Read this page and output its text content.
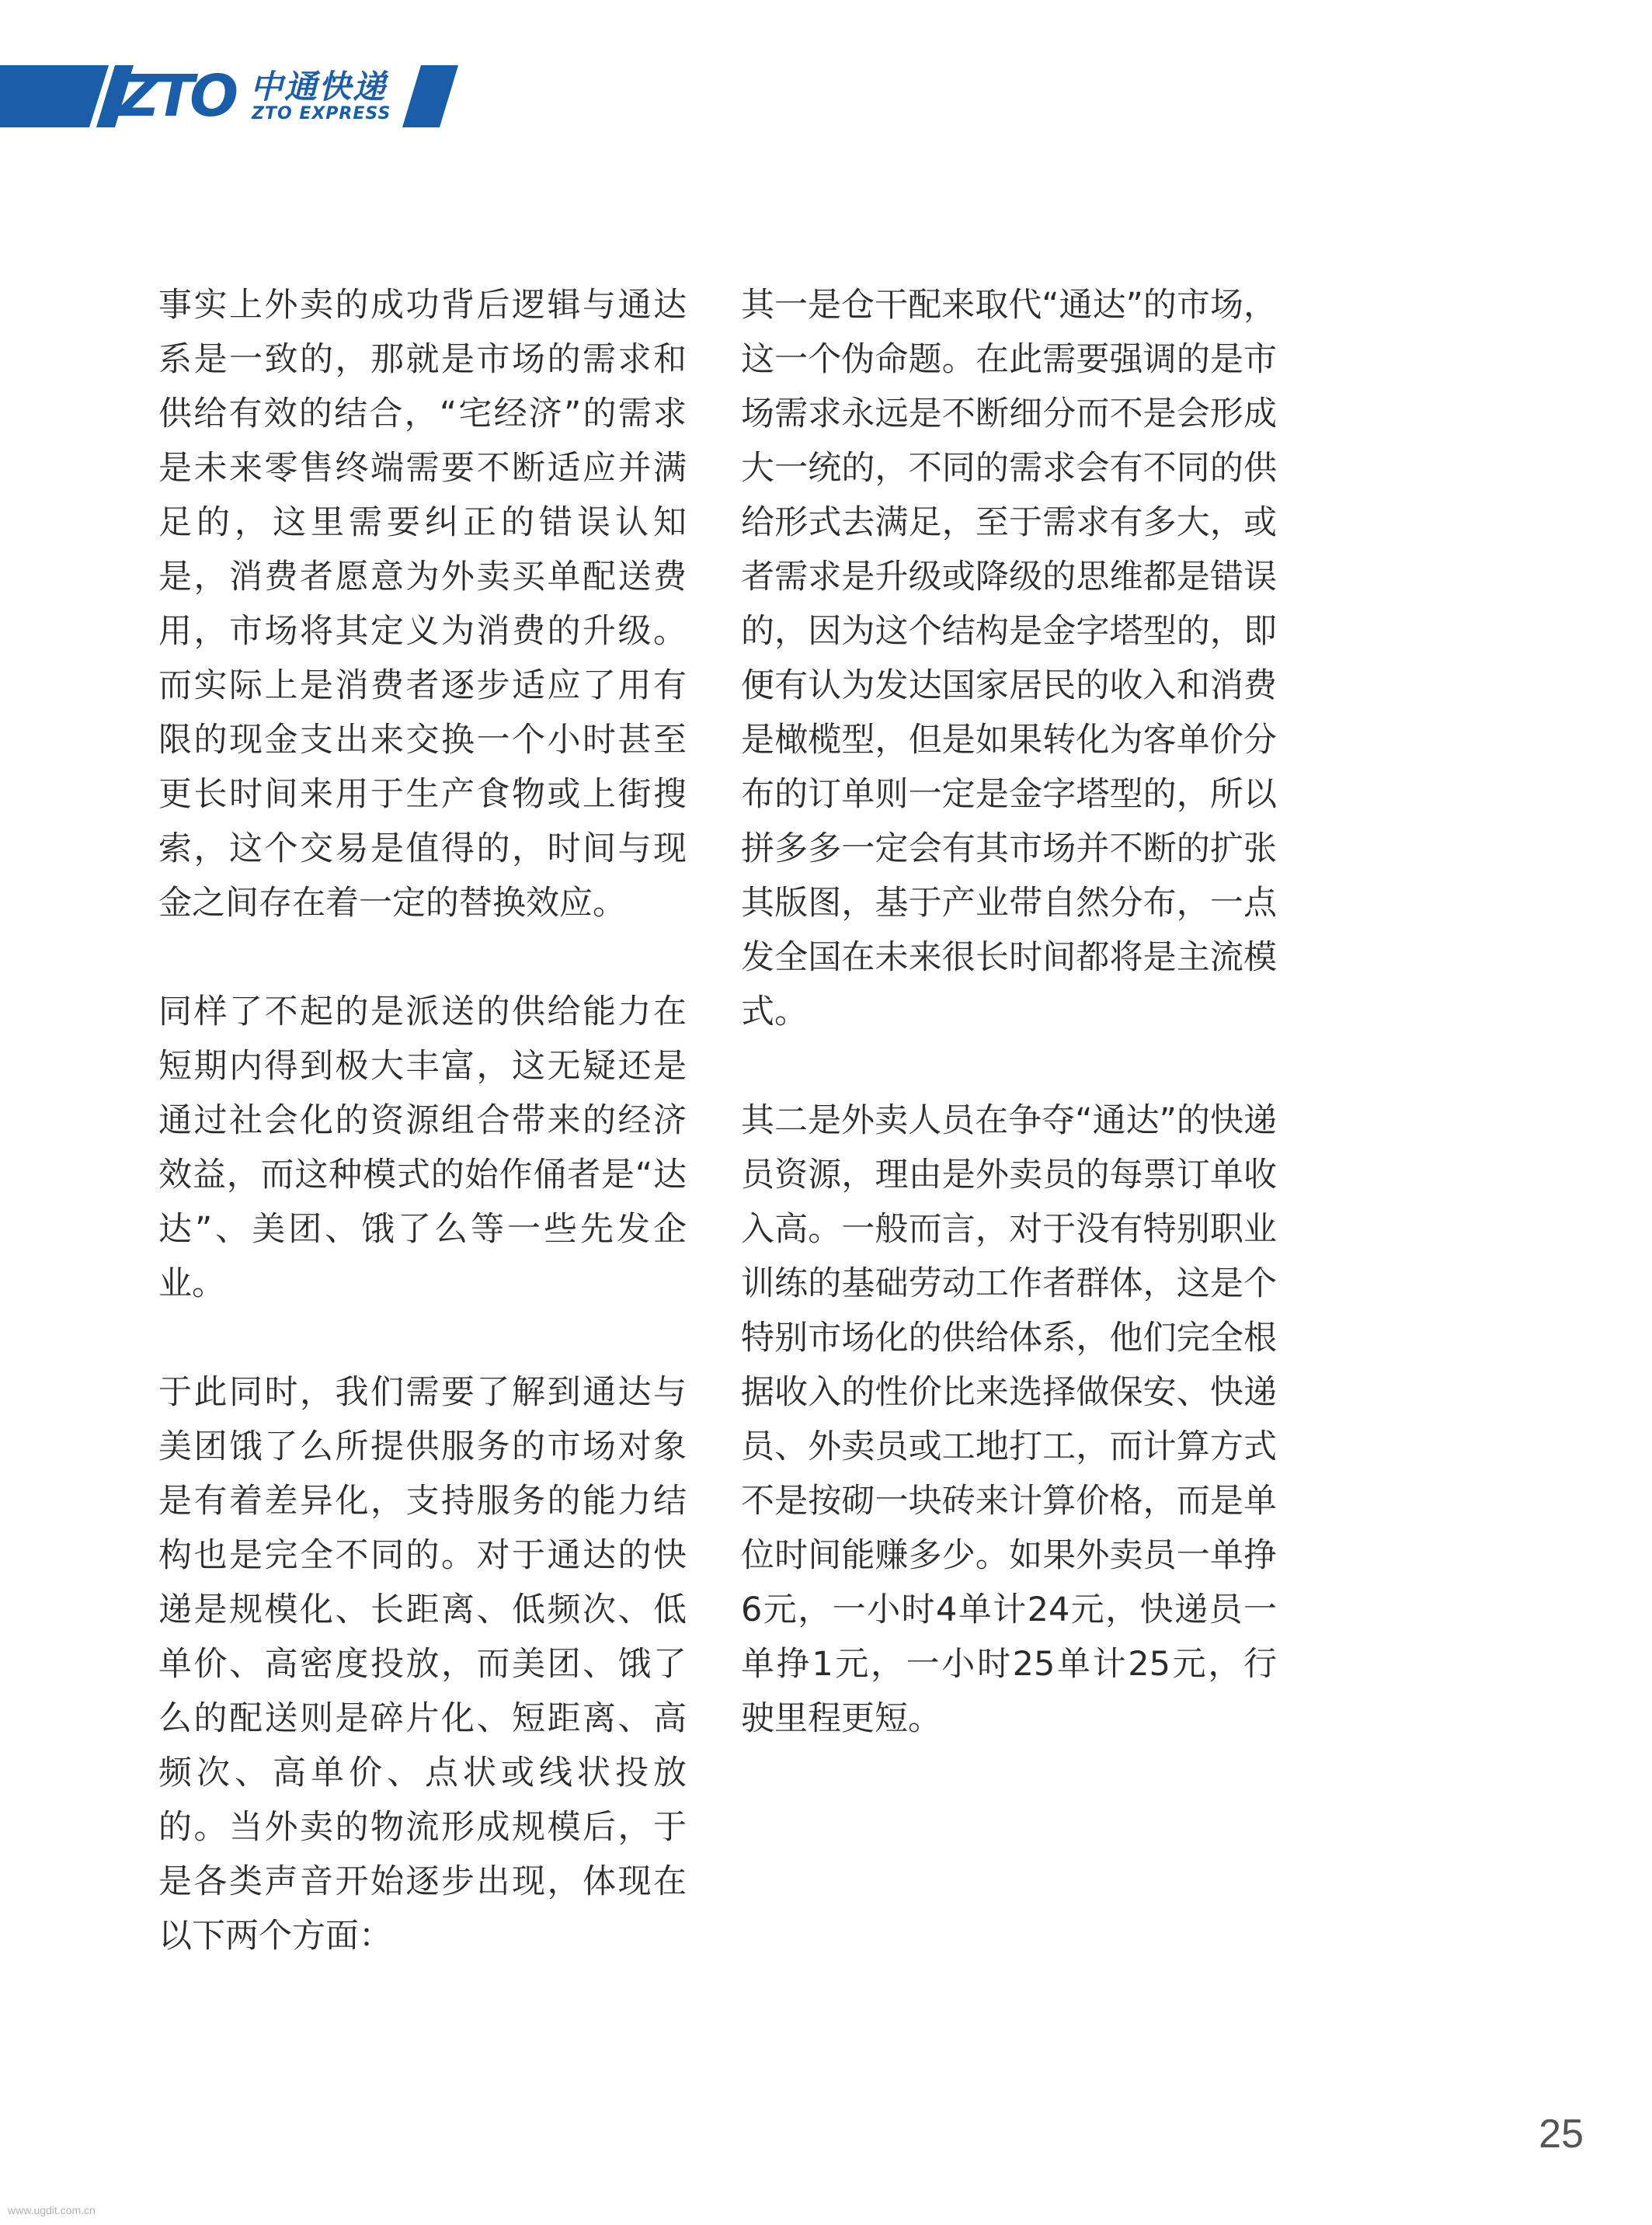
ZTO 中通快递
ZTO EXPRESS

事实上外卖的成功背后逻辑与通达系是一致的，那就是市场的需求和供给有效的结合，“宅经济”的需求是未来零售终端需要不断适应并满足的，这里需要纠正的错误认知是，消费者愿意为外卖买单配送费用，市场将其定义为消费的升级。而实际上是消费者逐步适应了用有限的现金支出来交换一个小时甚至更长时间来用于生产食物或上街搜索，这个交易是值得的，时间与现金之间存在着一定的替换效应。

同样了不起的是派送的供给能力在短期内得到极大丰富，这无疑还是通过社会化的资源组合带来的经济效益，而这种模式的始作俑者是“达达”、美团、饿了么等一些先发企业。

于此同时，我们需要了解到通达与美团饿了么所提供服务的市场对象是有着差异化，支持服务的能力结构也是完全不同的。对于通达的快递是规模化、长距离、低频次、低单价、高密度投放，而美团、饿了么的配送则是碎片化、短距离、高频次、高单价、点状或线状投放的。当外卖的物流形成规模后，于是各类声音开始逐步出现，体现在以下两个方面：

其一是仓干配来取代“通达”的市场，这一个伪命题。在此需要强调的是市场需求永远是不断细分而不是会形成大一统的，不同的需求会有不同的供给形式去满足，至于需求有多大，或者需求是升级或降级的思维都是错误的，因为这个结构是金字塔型的，即便有认为发达国家居民的收入和消费是橄榄型，但是如果转化为客单价分布的订单则一定是金字塔型的，所以拼多多一定会有其市场并不断的扩张其版图，基于产业带自然分布，一点发全国在未来很长时间都将是主流模式。

其二是外卖人员在争夺“通达”的快递员资源，理由是外卖员的每票订单收入高。一般而言，对于没有特别职业训练的基础劳动工作者群体，这是个特别市场化的供给体系，他们完全根据收入的性价比来选择做保安、快递员、外卖员或工地打工，而计算方式不是按砌一块砖来计算价格，而是单位时间能赚多少。如果外卖员一单挣6元，一小时4单计24元，快递员一单挣1元，一小时25单计25元，行驶里程更短。

25
www.ugdit.com.cn
